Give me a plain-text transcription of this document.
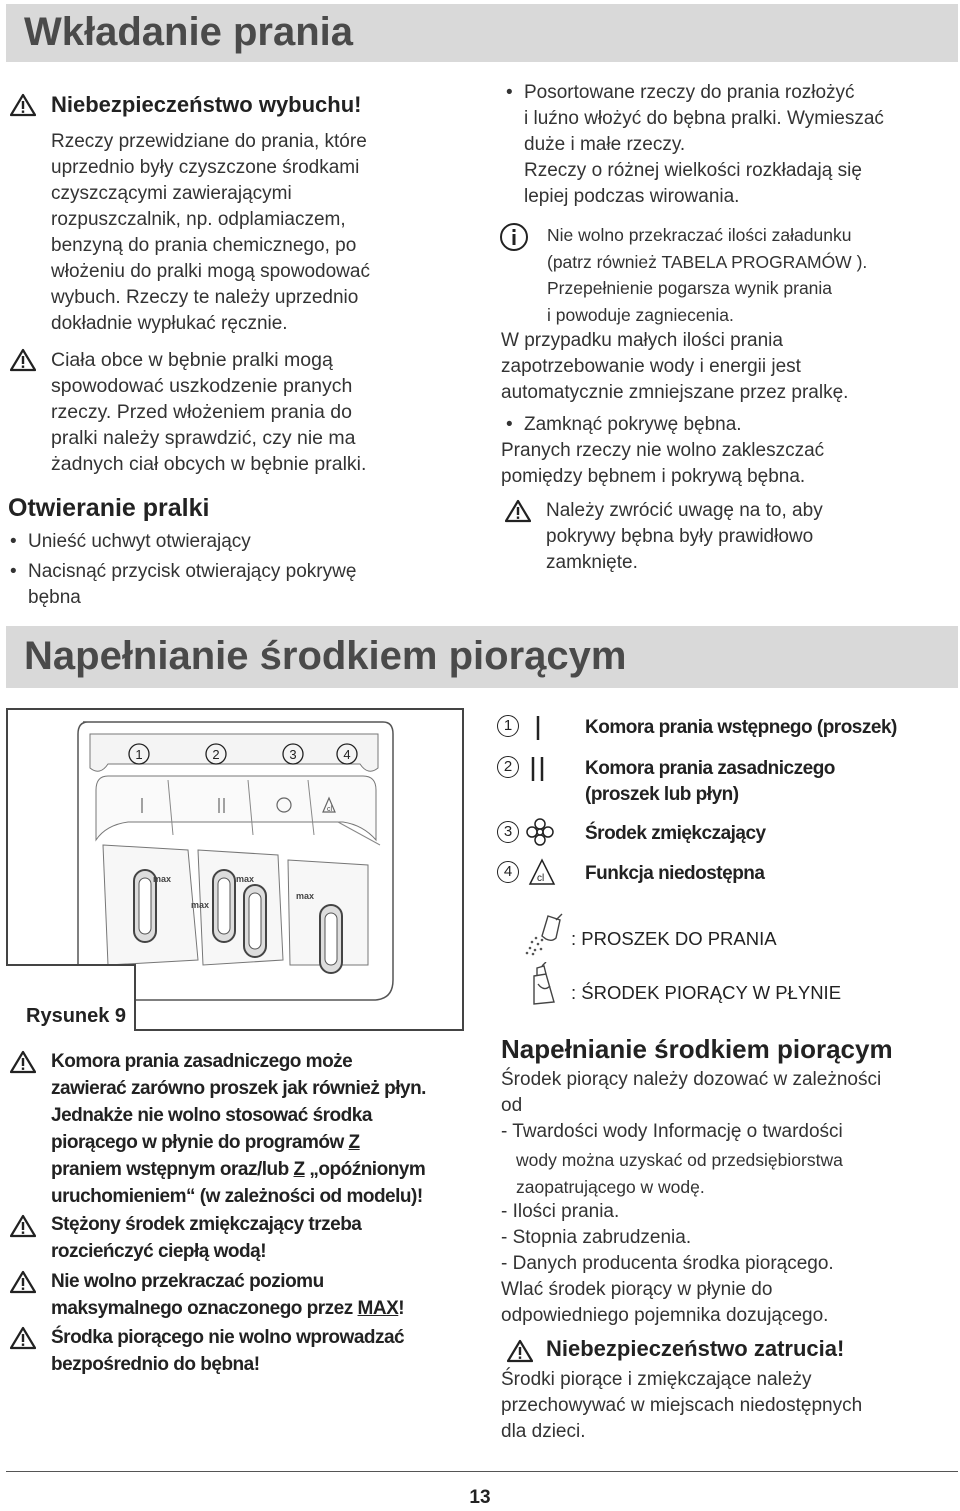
Wkładanie prania
Niebezpieczeństwo wybuchu!
Rzeczy przewidziane do prania, które
uprzednio były czyszczone środkami
czyszczącymi zawierającymi
rozpuszczalnik, np. odplamiaczem,
benzyną do prania chemicznego, po
włożeniu do pralki mogą spowodować
wybuch. Rzeczy te należy uprzednio
dokładnie wypłukać ręcznie.
Ciała obce w bębnie pralki mogą
spowodować uszkodzenie pranych
rzeczy. Przed włożeniem prania do
pralki należy sprawdzić, czy nie ma
żadnych ciał obcych w bębnie pralki.
Otwieranie pralki
• Unieść uchwyt otwierający
• Nacisnąć przycisk otwierający pokrywę
bębna
• Posortowane rzeczy do prania rozłożyć
i luźno włożyć do bębna pralki. Wymieszać
duże i małe rzeczy.
Rzeczy o różnej wielkości rozkładają się
lepiej podczas wirowania.
Nie wolno przekraczać ilości załadunku
(patrz również TABELA PROGRAMÓW ).
Przepełnienie pogarsza wynik prania
i powoduje zagniecenia.
W przypadku małych ilości prania
zapotrzebowanie wody i energii jest
automatycznie zmniejszane przez pralkę.
• Zamknąć pokrywę bębna.
Pranych rzeczy nie wolno zakleszczać
pomiędzy bębnem i pokrywą bębna.
Należy zwrócić uwagę na to, aby
pokrywy bębna były prawidłowo
zamknięte.
Napełnianie środkiem piorącym
cl
max
max
max
max
1	2	3	4
Rysunek 9
1	Komora prania wstępnego (proszek)
2	Komora prania zasadniczego
(proszek lub płyn)
3	Środek zmiękczający
4	cl Funkcja niedostępna
: PROSZEK DO PRANIA
: ŚRODEK PIORĄCY W PŁYNIE
Komora prania zasadniczego może
zawierać zarówno proszek jak również płyn.
Jednakże nie wolno stosować środka
piorącego w płynie do programów Z
praniem wstępnym oraz/lub Z „opóźnionym
uruchomieniem“ (w zależności od modelu)!
Stężony środek zmiękczający trzeba
rozcieńczyć ciepłą wodą!
Nie wolno przekraczać poziomu
maksymalnego oznaczonego przez MAX!
Środka piorącego nie wolno wprowadzać
bezpośrednio do bębna!
Napełnianie środkiem piorącym
Środek piorący należy dozować w zależności
od
- Twardości wody Informację o twardości
wody można uzyskać od przedsiębiorstwa
zaopatrującego w wodę.
- Ilości prania.
- Stopnia zabrudzenia.
- Danych producenta środka piorącego.
Wlać środek piorący w płynie do
odpowiedniego pojemnika dozującego.
Niebezpieczeństwo zatrucia!
Środki piorące i zmiękczające należy
przechowywać w miejscach niedostępnych
dla dzieci.
13
